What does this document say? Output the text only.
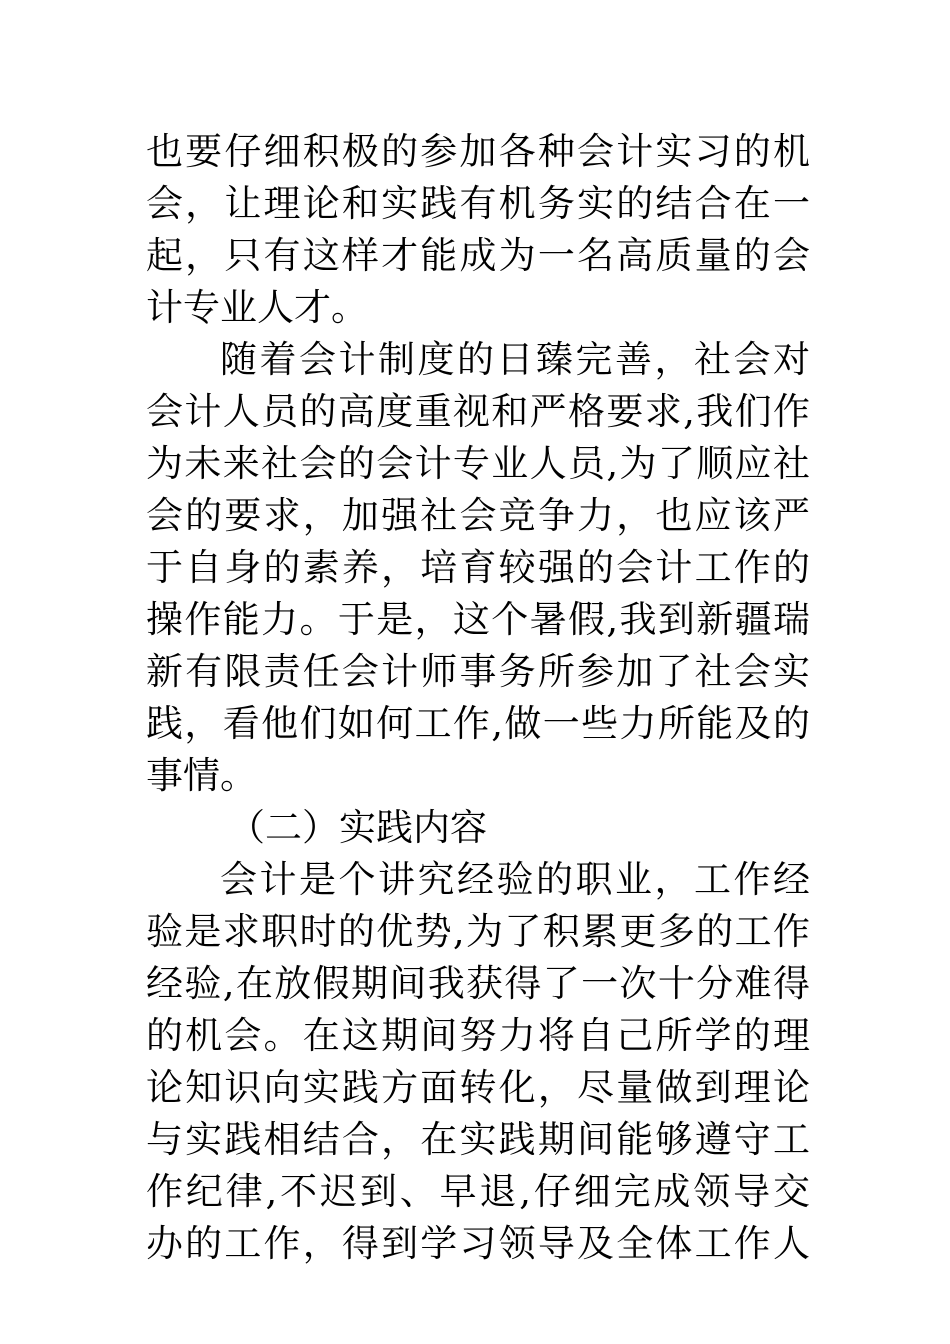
也要仔细积极的参加各种会计实习的机
会，让理论和实践有机务实的结合在一
起，只有这样才能成为一名高质量的会
计专业人才。
随着会计制度的日臻完善，社会对
会计人员的高度重视和严格要求,我们作
为未来社会的会计专业人员,为了顺应社
会的要求，加强社会竞争力，也应该严
于自身的素养，培育较强的会计工作的
操作能力。于是，这个暑假,我到新疆瑞
新有限责任会计师事务所参加了社会实
践，看他们如何工作,做一些力所能及的
事情。
（二）实践内容
会计是个讲究经验的职业，工作经
验是求职时的优势,为了积累更多的工作
经验,在放假期间我获得了一次十分难得
的机会。在这期间努力将自己所学的理
论知识向实践方面转化，尽量做到理论
与实践相结合，在实践期间能够遵守工
作纪律,不迟到、早退,仔细完成领导交
办的工作，得到学习领导及全体工作人
